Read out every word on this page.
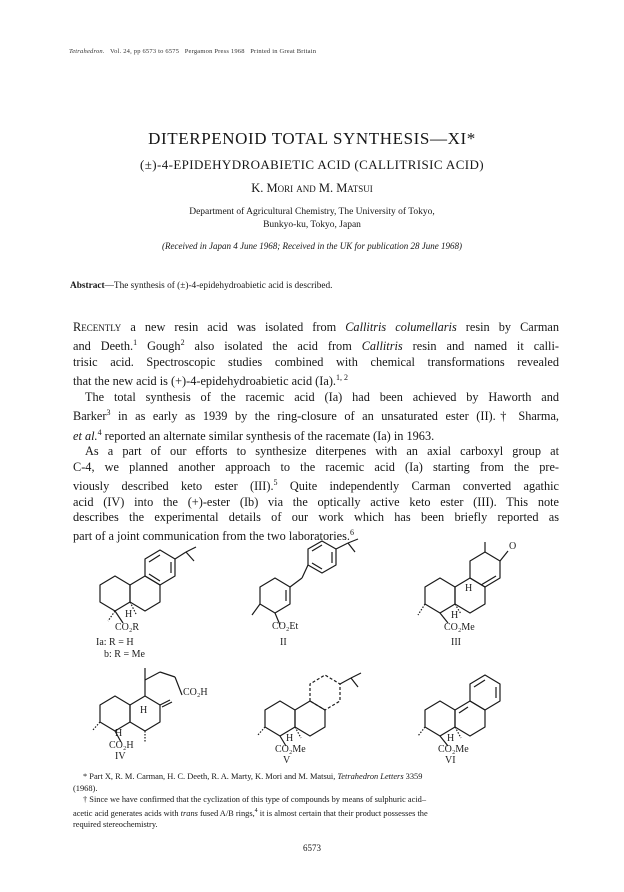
Tetrahedron. Vol. 24, pp 6573 to 6575 Pergamon Press 1968 Printed in Great Britain
DITERPENOID TOTAL SYNTHESIS—XI*
(±)-4-EPIDEHYDROABIETIC ACID (CALLITRISIC ACID)
K. Mori and M. Matsui
Department of Agricultural Chemistry, The University of Tokyo,
Bunkyo-ku, Tokyo, Japan
(Received in Japan 4 June 1968; Received in the UK for publication 28 June 1968)
Abstract—The synthesis of (±)-4-epidehydroabietic acid is described.
Recently a new resin acid was isolated from Callitris columellaris resin by Carman
and Deeth.$^1$ Gough$^2$ also isolated the acid from Callitris resin and named it calli-
trisic acid. Spectroscopic studies combined with chemical transformations revealed
that the new acid is (+)-4-epidehydroabietic acid (Ia).$^{1, 2}$
The total synthesis of the racemic acid (Ia) had been achieved by Haworth and
Barker$^3$ in as early as 1939 by the ring-closure of an unsaturated ester (II).† Sharma,
et al.$^4$ reported an alternate similar synthesis of the racemate (Ia) in 1963.
As a part of our efforts to synthesize diterpenes with an axial carboxyl group at
C-4, we planned another approach to the racemic acid (Ia) starting from the pre-
viously described keto ester (III).$^5$ Quite independently Carman converted agathic
acid (IV) into the (+)-ester (Ib) via the optically active keto ester (III). This note
describes the experimental details of our work which has been briefly reported as
part of a joint communication from the two laboratories.$^6$
H
CO₂R
Ia: R = H
b: R = Me
CO₂Et
II
O
H
H
CO₂Me
III
CO₂H
H
H
CO₂H
IV
H
CO₂Me
V
H
CO₂Me
VI

* Part X, R. M. Carman, H. C. Deeth, R. A. Marty, K. Mori and M. Matsui, Tetrahedron Letters 3359

(1968).

† Since we have confirmed that the cyclization of this type of compounds by means of sulphuric acid–

acetic acid generates acids with trans fused A/B rings,$^4$ it is almost certain that their product possesses the

required stereochemistry.

6573
